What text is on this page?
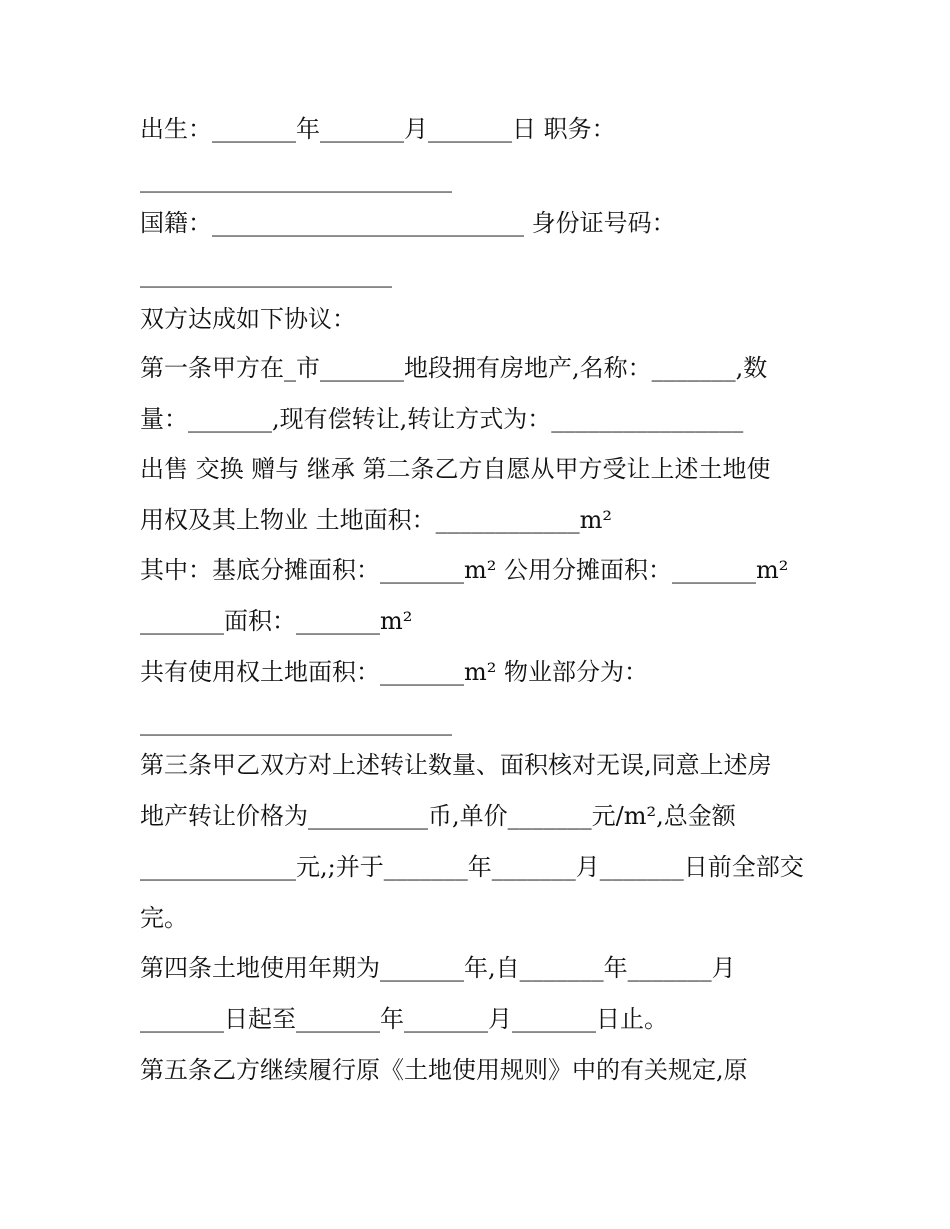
出生：_______年_______月_______日 职务：
__________________________
国籍：__________________________ 身份证号码：
_____________________
双方达成如下协议：
第一条甲方在_市_______地段拥有房地产,名称：_______,数
量：_______,现有偿转让,转让方式为：________________
出售 交换 赠与 继承 第二条乙方自愿从甲方受让上述土地使
用权及其上物业 土地面积：____________m²
其中：基底分摊面积：_______m² 公用分摊面积：_______m²
_______面积：_______m²
共有使用权土地面积：_______m² 物业部分为：
__________________________
第三条甲乙双方对上述转让数量、面积核对无误,同意上述房
地产转让价格为__________币,单价_______元/m²,总金额
_____________元,;并于_______年_______月_______日前全部交
完。
第四条土地使用年期为_______年,自_______年_______月
_______日起至_______年_______月_______日止。
第五条乙方继续履行原《土地使用规则》中的有关规定,原
